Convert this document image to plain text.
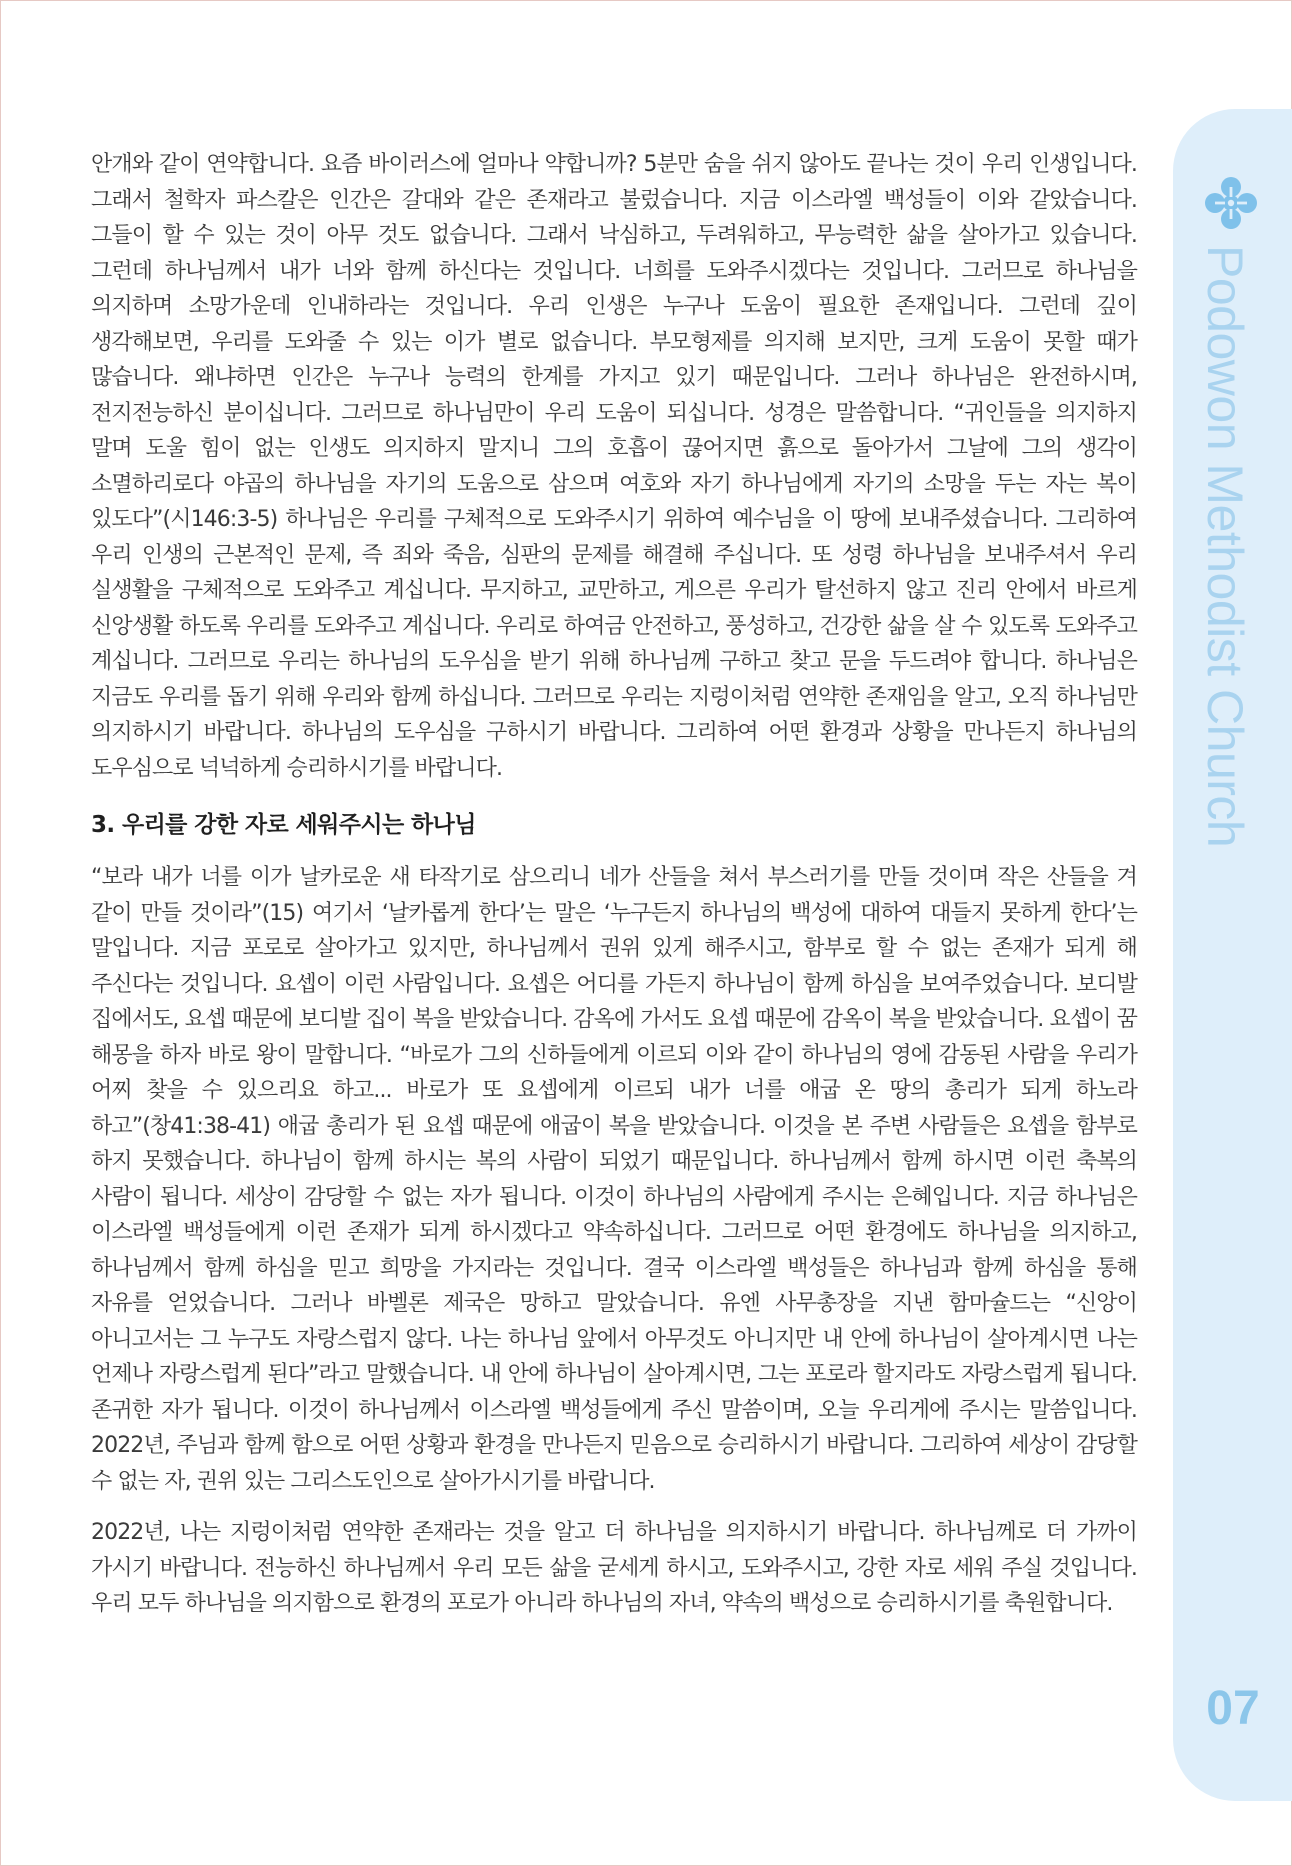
안개와 같이 연약합니다. 요즘 바이러스에 얼마나 약합니까? 5분만 숨을 쉬지 않아도 끝나는 것이 우리 인생입니다. 그래서 철학자 파스칼은 인간은 갈대와 같은 존재라고 불렀습니다. 지금 이스라엘 백성들이 이와 같았습니다. 그들이 할 수 있는 것이 아무 것도 없습니다. 그래서 낙심하고, 두려워하고, 무능력한 삶을 살아가고 있습니다. 그런데 하나님께서 내가 너와 함께 하신다는 것입니다. 너희를 도와주시겠다는 것입니다. 그러므로 하나님을 의지하며 소망가운데 인내하라는 것입니다. 우리 인생은 누구나 도움이 필요한 존재입니다. 그런데 깊이 생각해보면, 우리를 도와줄 수 있는 이가 별로 없습니다. 부모형제를 의지해 보지만, 크게 도움이 못할 때가 많습니다. 왜냐하면 인간은 누구나 능력의 한계를 가지고 있기 때문입니다. 그러나 하나님은 완전하시며, 전지전능하신 분이십니다. 그러므로 하나님만이 우리 도움이 되십니다. 성경은 말씀합니다. “귀인들을 의지하지 말며 도울 힘이 없는 인생도 의지하지 말지니 그의 호흡이 끊어지면 흙으로 돌아가서 그날에 그의 생각이 소멸하리로다 야곱의 하나님을 자기의 도움으로 삼으며 여호와 자기 하나님에게 자기의 소망을 두는 자는 복이 있도다”(시146:3-5) 하나님은 우리를 구체적으로 도와주시기 위하여 예수님을 이 땅에 보내주셨습니다. 그리하여 우리 인생의 근본적인 문제, 즉 죄와 죽음, 심판의 문제를 해결해 주십니다. 또 성령 하나님을 보내주셔서 우리 실생활을 구체적으로 도와주고 계십니다. 무지하고, 교만하고, 게으른 우리가 탈선하지 않고 진리 안에서 바르게 신앙생활 하도록 우리를 도와주고 계십니다. 우리로 하여금 안전하고, 풍성하고, 건강한 삶을 살 수 있도록 도와주고 계십니다. 그러므로 우리는 하나님의 도우심을 받기 위해 하나님께 구하고 찾고 문을 두드려야 합니다. 하나님은 지금도 우리를 돕기 위해 우리와 함께 하십니다. 그러므로 우리는 지렁이처럼 연약한 존재임을 알고, 오직 하나님만 의지하시기 바랍니다. 하나님의 도우심을 구하시기 바랍니다. 그리하여 어떤 환경과 상황을 만나든지 하나님의 도우심으로 넉넉하게 승리하시기를 바랍니다.

3. 우리를 강한 자로 세워주시는 하나님

“보라 내가 너를 이가 날카로운 새 타작기로 삼으리니 네가 산들을 쳐서 부스러기를 만들 것이며 작은 산들을 겨 같이 만들 것이라”(15) 여기서 ‘날카롭게 한다’는 말은 ‘누구든지 하나님의 백성에 대하여 대들지 못하게 한다’는 말입니다. 지금 포로로 살아가고 있지만, 하나님께서 권위 있게 해주시고, 함부로 할 수 없는 존재가 되게 해 주신다는 것입니다. 요셉이 이런 사람입니다. 요셉은 어디를 가든지 하나님이 함께 하심을 보여주었습니다. 보디발 집에서도, 요셉 때문에 보디발 집이 복을 받았습니다. 감옥에 가서도 요셉 때문에 감옥이 복을 받았습니다. 요셉이 꿈 해몽을 하자 바로 왕이 말합니다. “바로가 그의 신하들에게 이르되 이와 같이 하나님의 영에 감동된 사람을 우리가 어찌 찾을 수 있으리요 하고... 바로가 또 요셉에게 이르되 내가 너를 애굽 온 땅의 총리가 되게 하노라 하고”(창41:38-41) 애굽 총리가 된 요셉 때문에 애굽이 복을 받았습니다. 이것을 본 주변 사람들은 요셉을 함부로 하지 못했습니다. 하나님이 함께 하시는 복의 사람이 되었기 때문입니다. 하나님께서 함께 하시면 이런 축복의 사람이 됩니다. 세상이 감당할 수 없는 자가 됩니다. 이것이 하나님의 사람에게 주시는 은혜입니다. 지금 하나님은 이스라엘 백성들에게 이런 존재가 되게 하시겠다고 약속하십니다. 그러므로 어떤 환경에도 하나님을 의지하고, 하나님께서 함께 하심을 믿고 희망을 가지라는 것입니다. 결국 이스라엘 백성들은 하나님과 함께 하심을 통해 자유를 얻었습니다. 그러나 바벨론 제국은 망하고 말았습니다. 유엔 사무총장을 지낸 함마슐드는 “신앙이 아니고서는 그 누구도 자랑스럽지 않다. 나는 하나님 앞에서 아무것도 아니지만 내 안에 하나님이 살아계시면 나는 언제나 자랑스럽게 된다”라고 말했습니다. 내 안에 하나님이 살아계시면, 그는 포로라 할지라도 자랑스럽게 됩니다. 존귀한 자가 됩니다. 이것이 하나님께서 이스라엘 백성들에게 주신 말씀이며, 오늘 우리게에 주시는 말씀입니다. 2022년, 주님과 함께 함으로 어떤 상황과 환경을 만나든지 믿음으로 승리하시기 바랍니다. 그리하여 세상이 감당할 수 없는 자, 권위 있는 그리스도인으로 살아가시기를 바랍니다.

2022년, 나는 지렁이처럼 연약한 존재라는 것을 알고 더 하나님을 의지하시기 바랍니다. 하나님께로 더 가까이 가시기 바랍니다. 전능하신 하나님께서 우리 모든 삶을 굳세게 하시고, 도와주시고, 강한 자로 세워 주실 것입니다. 우리 모두 하나님을 의지함으로 환경의 포로가 아니라 하나님의 자녀, 약속의 백성으로 승리하시기를 축원합니다.

Podowon Methodist Church
07
